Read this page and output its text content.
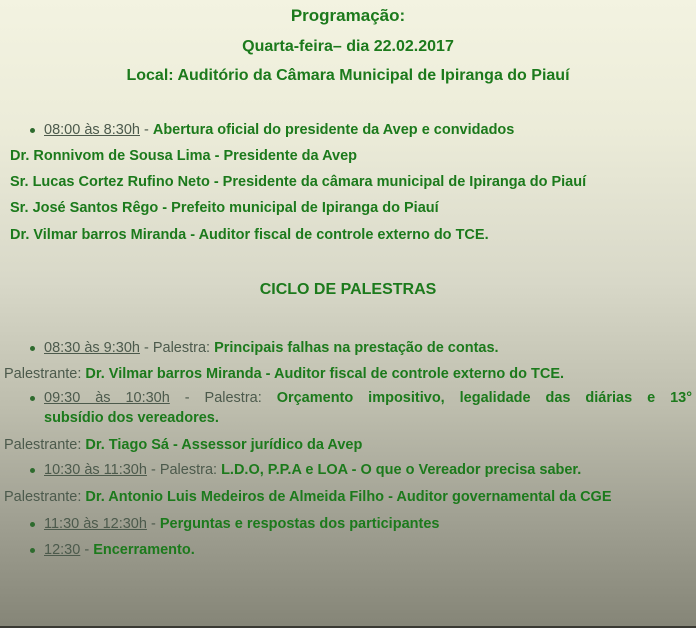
Programação:
Quarta-feira– dia 22.02.2017
Local: Auditório da Câmara Municipal de Ipiranga do Piauí
08:00 às 8:30h - Abertura oficial do presidente da Avep e convidados
Dr. Ronnivom de Sousa Lima - Presidente da Avep
Sr. Lucas Cortez Rufino Neto - Presidente da câmara municipal de Ipiranga do Piauí
Sr. José Santos Rêgo - Prefeito municipal de Ipiranga do Piauí
Dr. Vilmar barros Miranda - Auditor fiscal de controle externo do TCE.
CICLO DE PALESTRAS
08:30 às 9:30h - Palestra: Principais falhas na prestação de contas.
Palestrante: Dr. Vilmar barros Miranda - Auditor fiscal de controle externo do TCE.
09:30 às 10:30h - Palestra: Orçamento impositivo, legalidade das diárias e 13°
subsídio dos vereadores.
Palestrante: Dr. Tiago Sá - Assessor jurídico da Avep
10:30 às 11:30h - Palestra: L.D.O, P.P.A e LOA - O que o Vereador precisa saber.
Palestrante: Dr. Antonio Luis Medeiros de Almeida Filho - Auditor governamental da CGE
11:30 às 12:30h - Perguntas e respostas dos participantes
12:30 - Encerramento.
